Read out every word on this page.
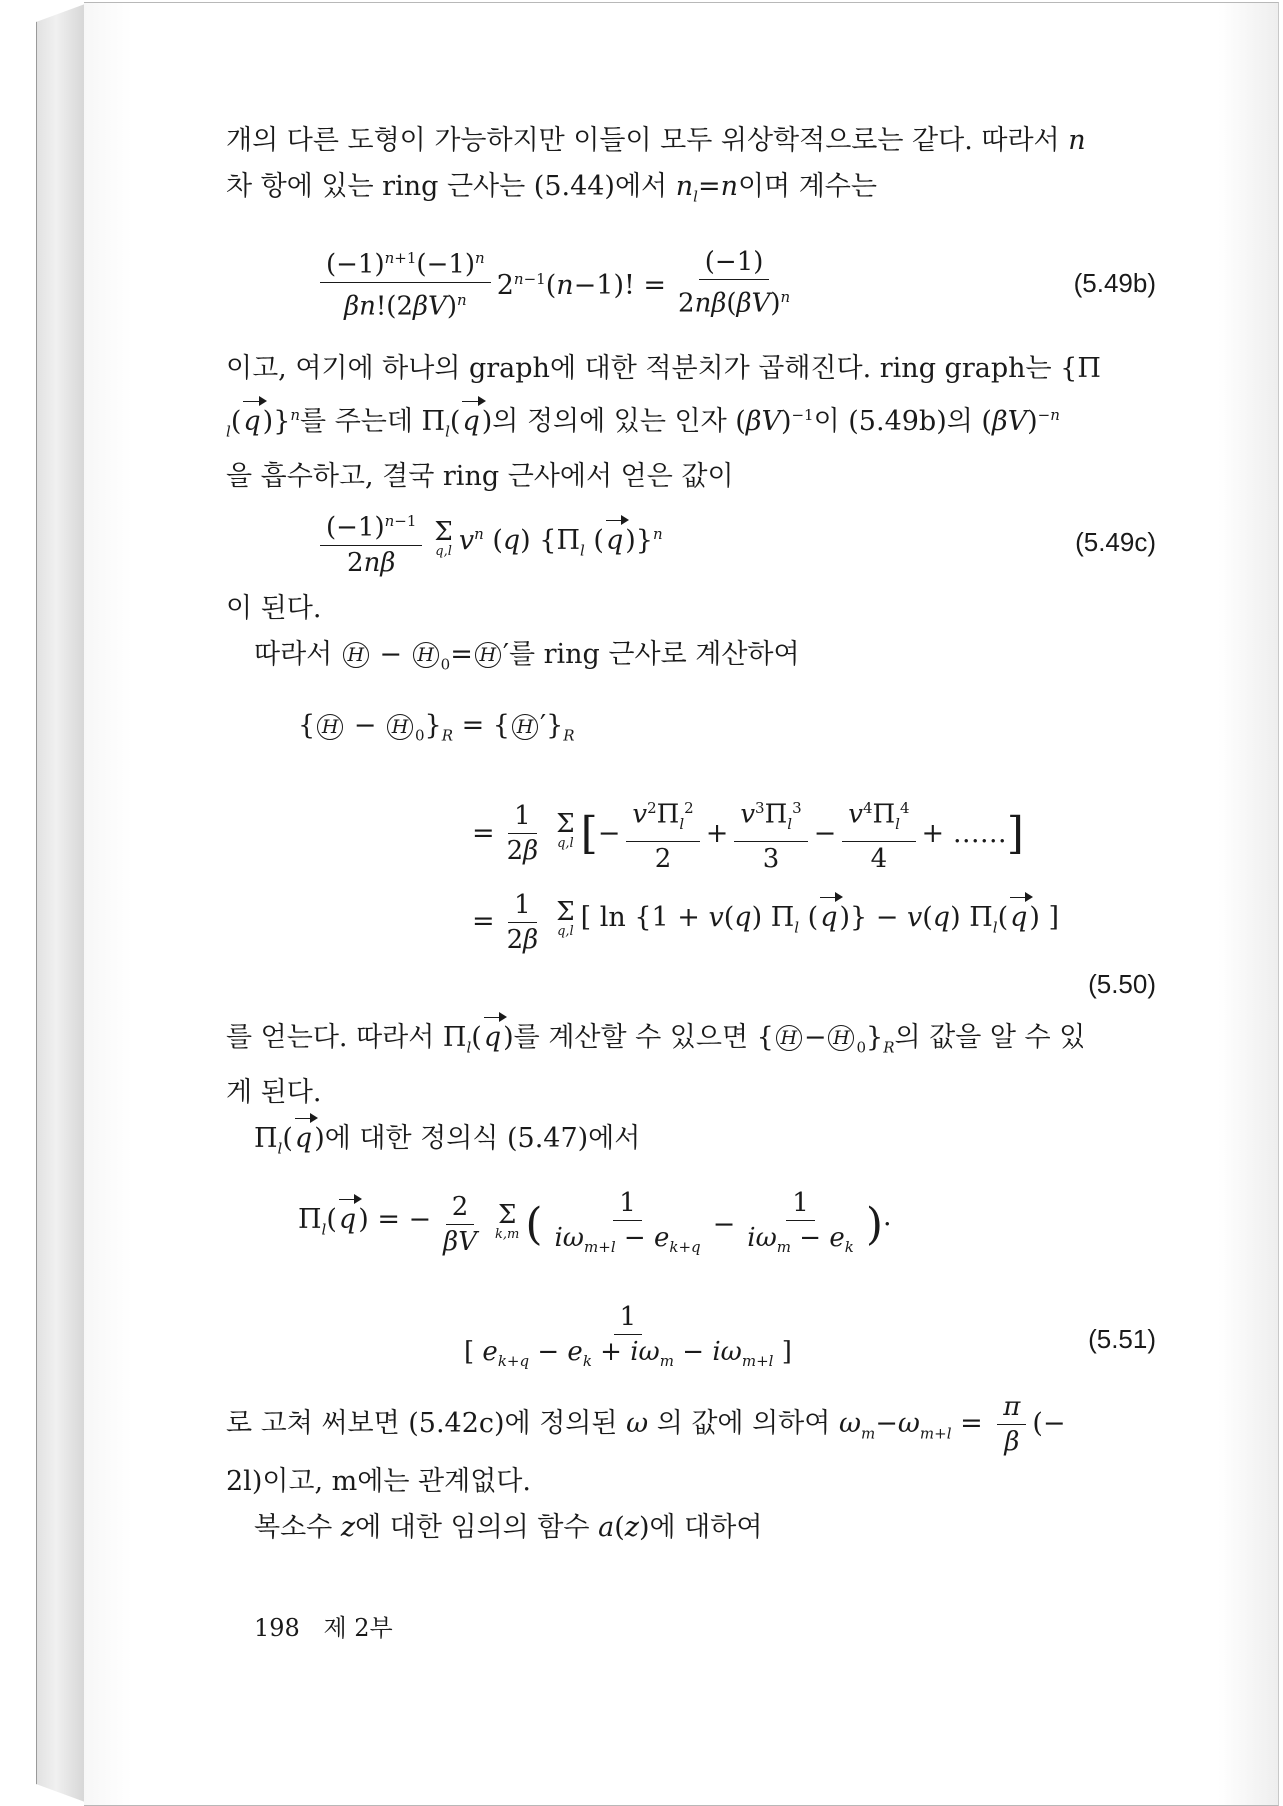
개의 다른 도형이 가능하지만 이들이 모두 위상학적으로는 같다. 따라서 n

차 항에 있는 ring 근사는 (5.44)에서 $n_l=n$이며 계수는

$\frac{(-1)^{n+1}(-1)^n}{\beta n!(2\beta V)^n} 2^{n-1}(n-1)$! = $\frac{(-1)}{2n\beta(\beta V)^n}$	(5.49b)

이고, 여기에 하나의 graph에 대한 적분치가 곱해진다. ring graph는 {Π

$_l$(q)}$^n$를 주는데 $\Pi_l(q)$의 정의에 있는 인자 $(\beta V)^{-1}$이 (5.49b)의 $(\beta V)^{-n}$

을 흡수하고, 결국 ring 근사에서 얻은 값이

$\frac{(-1)^{n-1}}{2n\beta}$ Σ
q,l $v^n$ (q) {$\Pi_l$ (q)}$^n$	(5.49c)

이 된다.

따라서 H − H $_0$= H ′를 ring 근사로 계산하여

{ H − H $_0\}_R$ = { H $'\}_R$
= $\frac{1}{2\beta}$ Σ
q,l [ − $\frac{v^2\Pi_l^2}{2} + \frac{v^3\Pi_l^3}{3} - \frac{v^4\Pi_l^4}{4}$ + …… ]
= $\frac{1}{2\beta}$ Σ
q,l [ ln {1 + v(q) $\Pi_l$ (q)} − v(q) $\Pi_l(q)$ ]
(5.50)

를 얻는다. 따라서 $\Pi_l(q)$를 계산할 수 있으면 { H − H $_0\}_R$의 값을 알 수 있

게 된다.

$\Pi_l(q)$에 대한 정의식 (5.47)에서

$\Pi_l(q)$ = − $\frac{2}{\beta V}$ Σ
k,m ( $\frac{1}{i\omega_{m+l} - e_{k+q}} - \frac{1}{i\omega_m - e_k}$ ) ·
$\frac{1}{[ e_{k+q} - e_k + i\omega_m - i\omega_{m+l} ]}$	(5.51)

로 고쳐 써보면 (5.42c)에 정의된 ω 의 값에 의하여 $\omega_m-\omega_{m+l} = \frac{\pi}{\beta}$ (−

2l)이고, m에는 관계없다.

복소수 z에 대한 임의의 함수 a(z)에 대하여

198 제 2부
